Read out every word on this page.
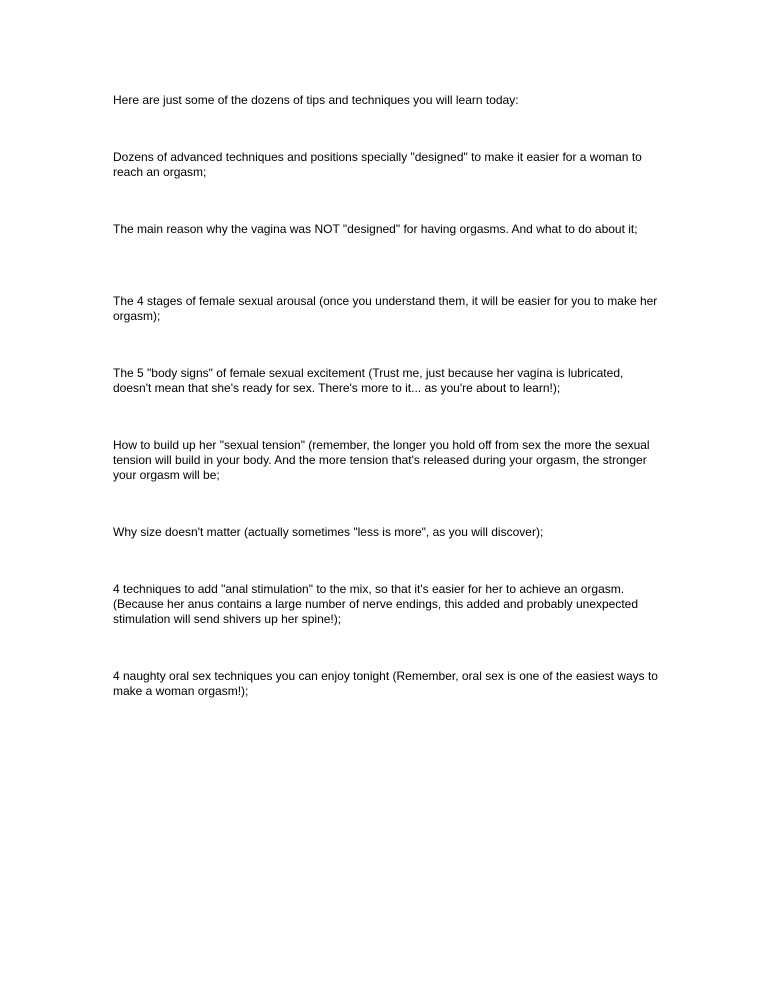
Here are just some of the dozens of tips and techniques you will learn today:

Dozens of advanced techniques and positions specially "designed" to make it easier for a woman to reach an orgasm;

The main reason why the vagina was NOT "designed" for having orgasms. And what to do about it;

The 4 stages of female sexual arousal (once you understand them, it will be easier for you to make her orgasm);

The 5 "body signs" of female sexual excitement (Trust me, just because her vagina is lubricated, doesn't mean that she's ready for sex. There's more to it... as you're about to learn!);

How to build up her "sexual tension" (remember, the longer you hold off from sex the more the sexual tension will build in your body. And the more tension that's released during your orgasm, the stronger your orgasm will be;

Why size doesn't matter (actually sometimes "less is more", as you will discover);

4 techniques to add "anal stimulation" to the mix, so that it's easier for her to achieve an orgasm. (Because her anus contains a large number of nerve endings, this added and probably unexpected stimulation will send shivers up her spine!);

4 naughty oral sex techniques you can enjoy tonight (Remember, oral sex is one of the easiest ways to make a woman orgasm!);
